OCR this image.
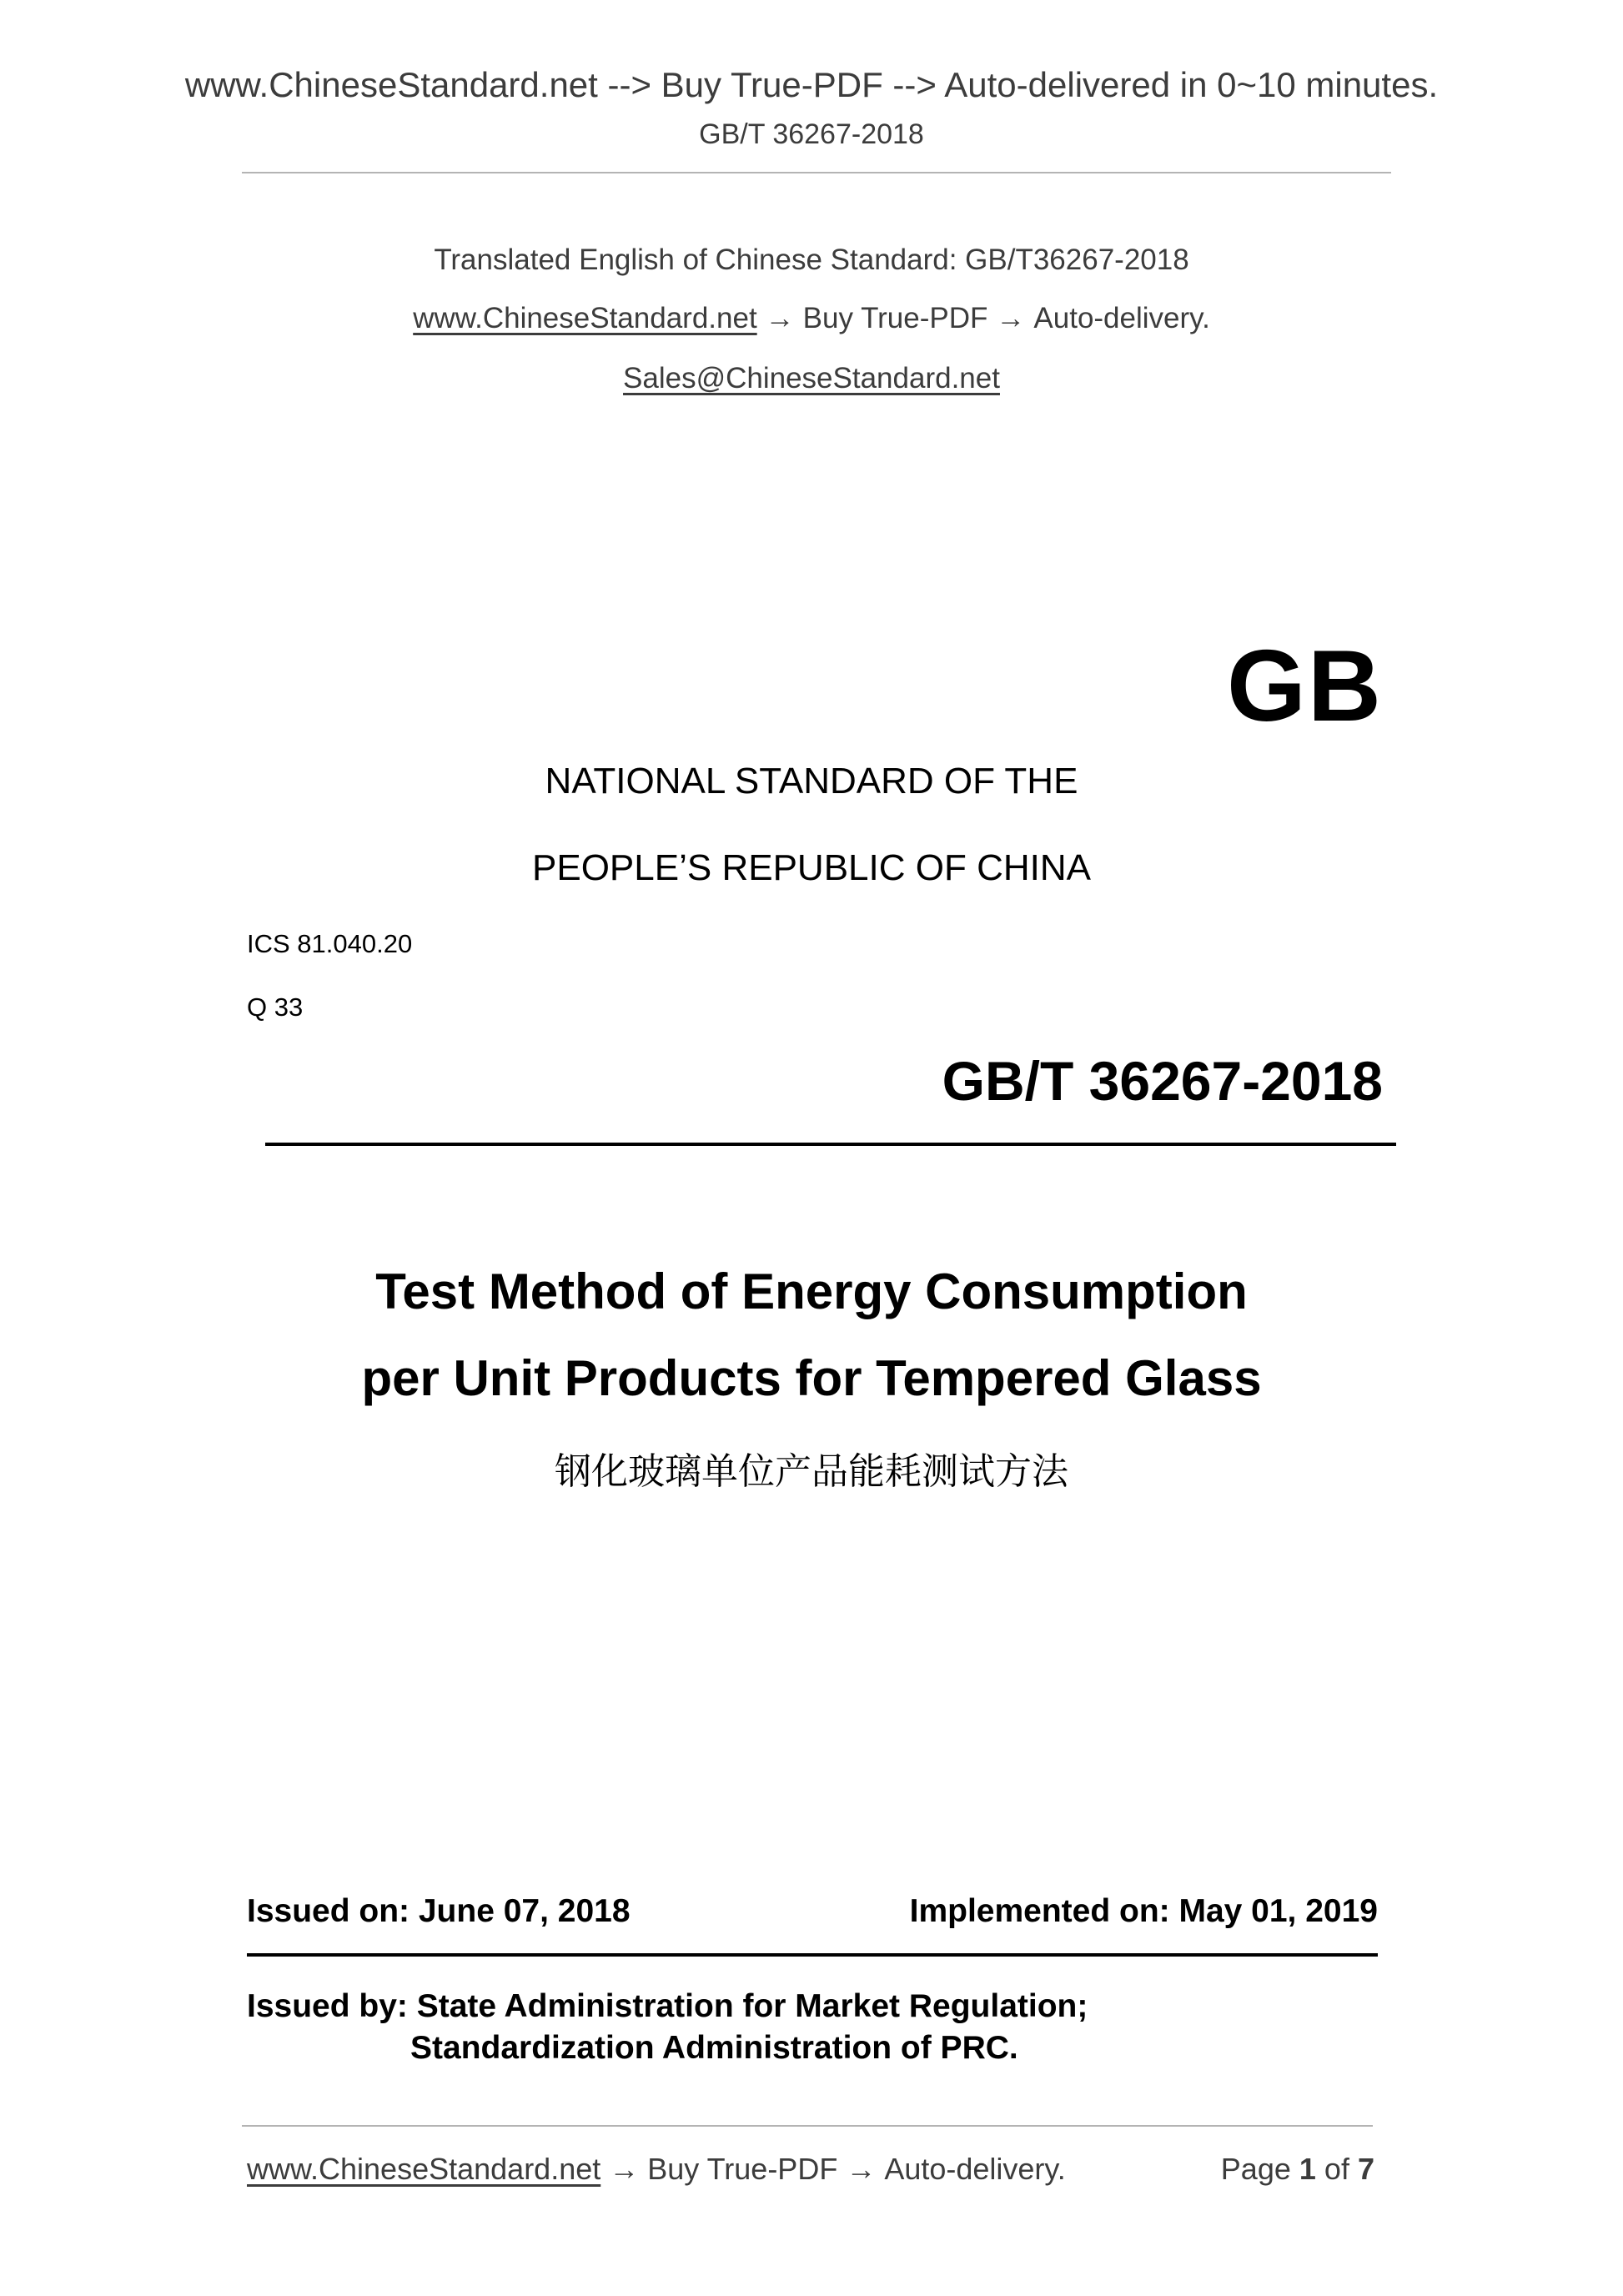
www.ChineseStandard.net --> Buy True-PDF --> Auto-delivered in 0~10 minutes.
GB/T 36267-2018
Translated English of Chinese Standard: GB/T36267-2018
www.ChineseStandard.net → Buy True-PDF → Auto-delivery.
Sales@ChineseStandard.net
GB
NATIONAL STANDARD OF THE
PEOPLE’S REPUBLIC OF CHINA
ICS 81.040.20
Q 33
GB/T 36267-2018
Test Method of Energy Consumption
per Unit Products for Tempered Glass
钢化玻璃单位产品能耗测试方法
Issued on: June 07, 2018	Implemented on: May 01, 2019
Issued by: State Administration for Market Regulation;
Standardization Administration of PRC.
www.ChineseStandard.net → Buy True-PDF → Auto-delivery.	Page 1 of 7
